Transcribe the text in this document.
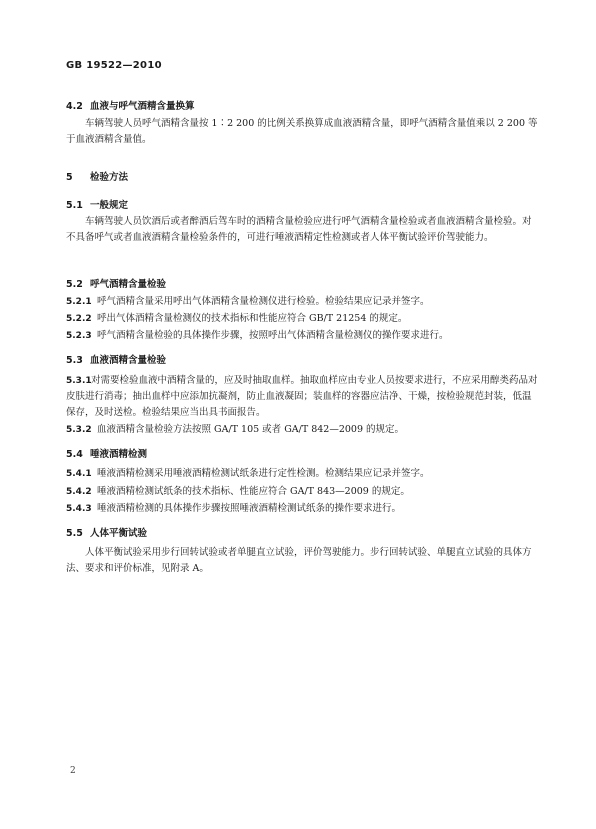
GB 19522—2010
4.2 血液与呼气酒精含量换算
车辆驾驶人员呼气酒精含量按 1∶2 200 的比例关系换算成血液酒精含量，即呼气酒精含量值乘以 2 200 等于血液酒精含量值。
5 检验方法
5.1 一般规定
车辆驾驶人员饮酒后或者醉酒后驾车时的酒精含量检验应进行呼气酒精含量检验或者血液酒精含量检验。对不具备呼气或者血液酒精含量检验条件的，可进行唾液酒精定性检测或者人体平衡试验评价驾驶能力。
5.2 呼气酒精含量检验
5.2.1 呼气酒精含量采用呼出气体酒精含量检测仪进行检验。检验结果应记录并签字。
5.2.2 呼出气体酒精含量检测仪的技术指标和性能应符合 GB/T 21254 的规定。
5.2.3 呼气酒精含量检验的具体操作步骤，按照呼出气体酒精含量检测仪的操作要求进行。
5.3 血液酒精含量检验
5.3.1对需要检验血液中酒精含量的，应及时抽取血样。抽取血样应由专业人员按要求进行，不应采用醇类药品对皮肤进行消毒；抽出血样中应添加抗凝剂，防止血液凝固；装血样的容器应洁净、干燥，按检验规范封装，低温保存，及时送检。检验结果应当出具书面报告。
5.3.2 血液酒精含量检验方法按照 GA/T 105 或者 GA/T 842—2009 的规定。
5.4 唾液酒精检测
5.4.1 唾液酒精检测采用唾液酒精检测试纸条进行定性检测。检测结果应记录并签字。
5.4.2 唾液酒精检测试纸条的技术指标、性能应符合 GA/T 843—2009 的规定。
5.4.3 唾液酒精检测的具体操作步骤按照唾液酒精检测试纸条的操作要求进行。
5.5 人体平衡试验
人体平衡试验采用步行回转试验或者单腿直立试验，评价驾驶能力。步行回转试验、单腿直立试验的具体方法、要求和评价标准，见附录 A。
2
